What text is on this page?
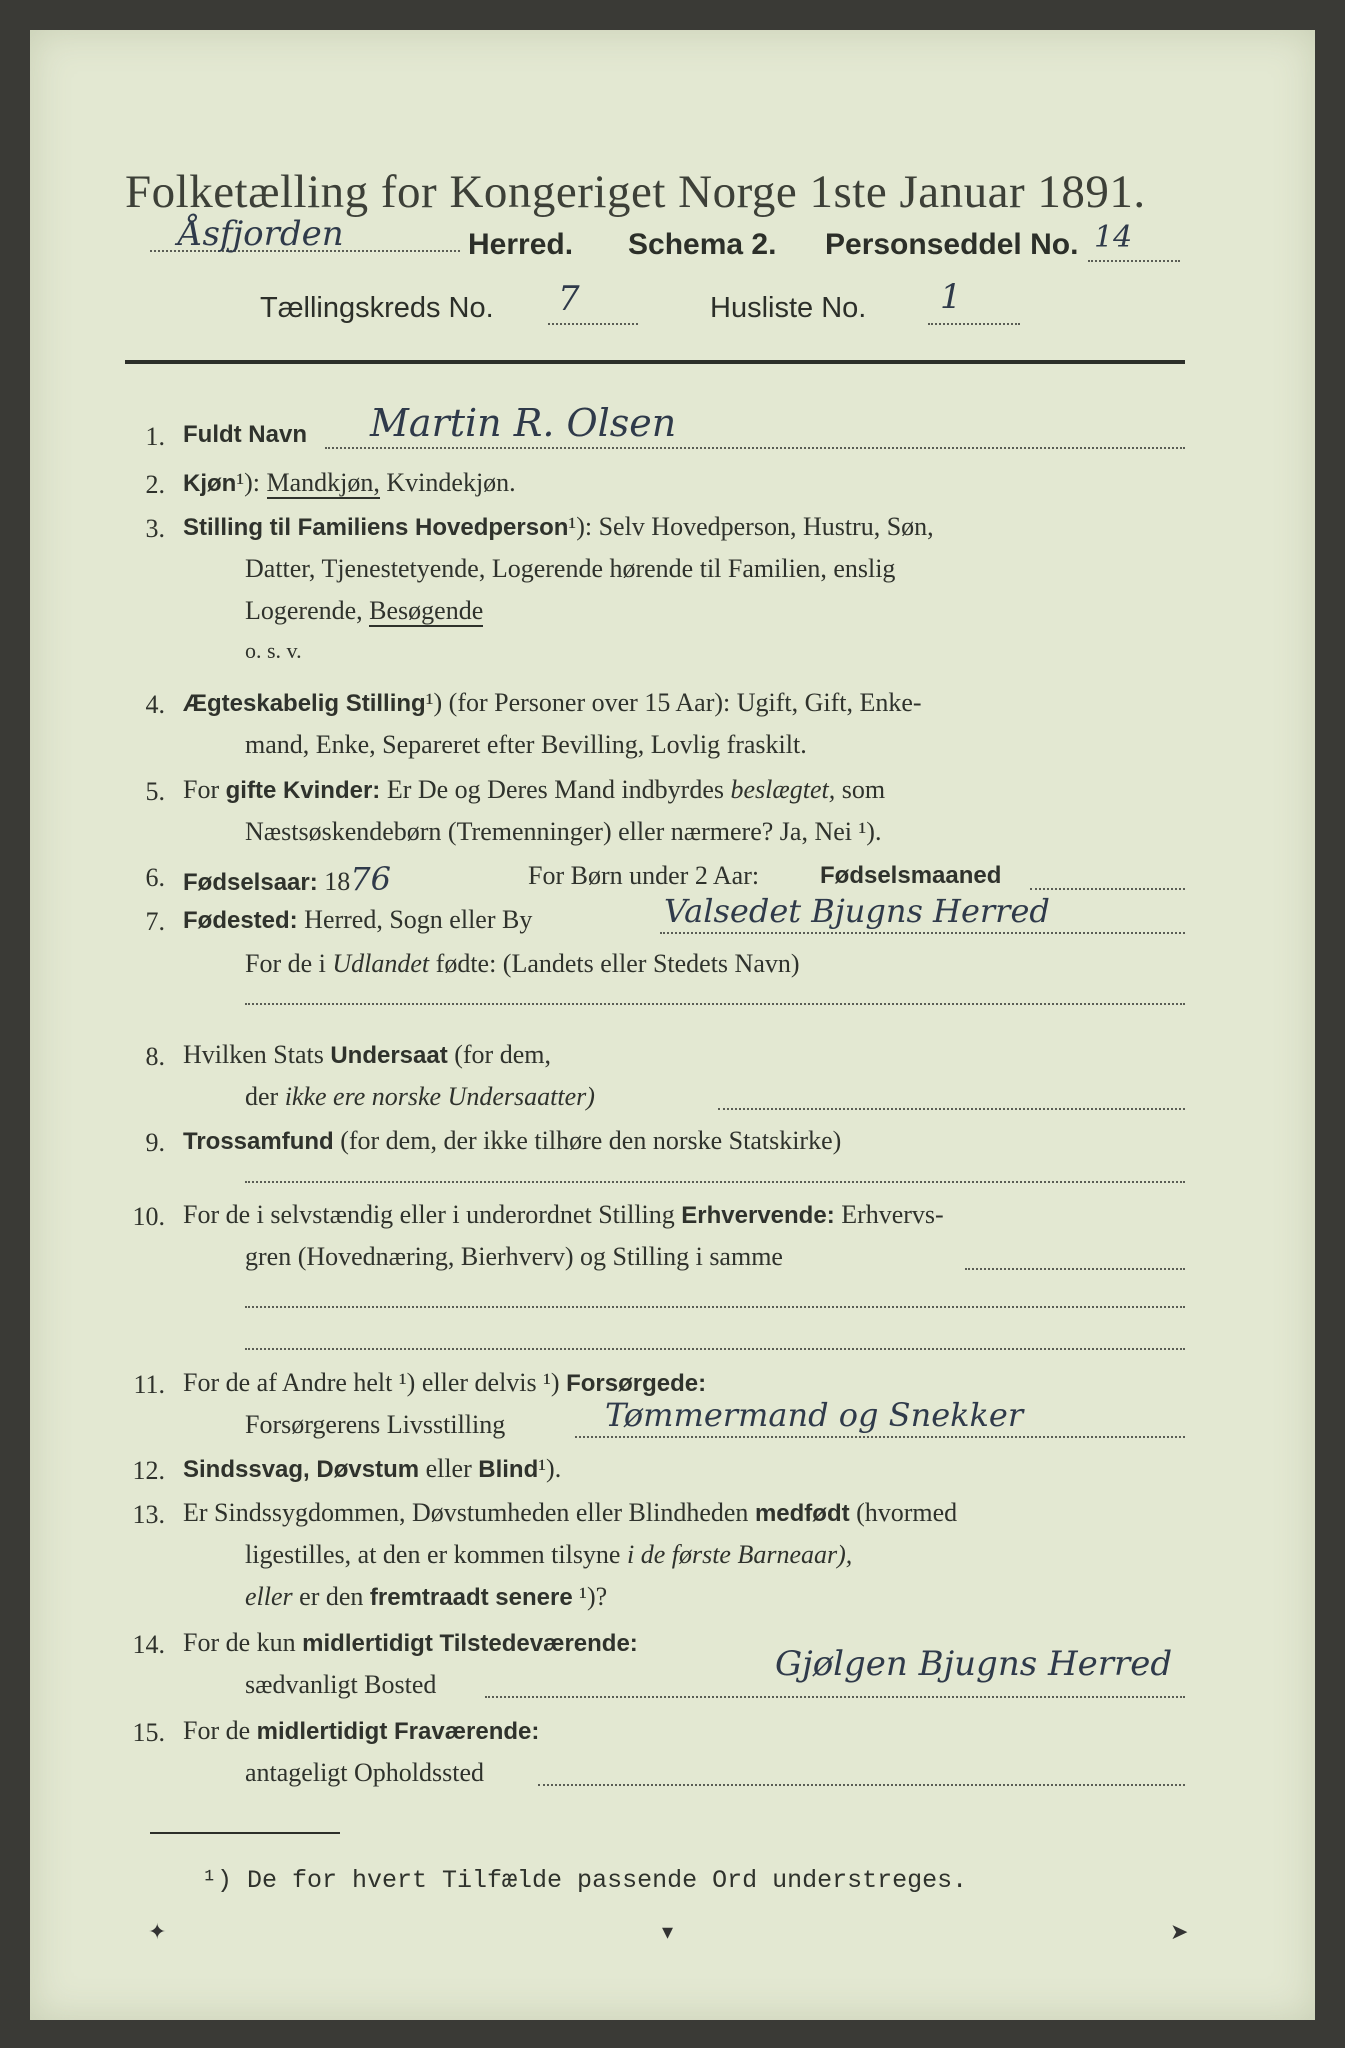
Folketælling for Kongeriget Norge 1ste Januar 1891.
Åsfjorden	Herred. Schema 2. Personseddel No. 14
Tællingskreds No. 7	Husliste No. 1
1. Fuldt Navn Martin R. Olsen
2. Kjøn¹): Mandkjøn, Kvindekjøn.
3. Stilling til Familiens Hovedperson¹): Selv Hovedperson, Hustru, Søn,
Datter, Tjenestetyende, Logerende hørende til Familien, enslig
Logerende, Besøgende
o. s. v.
4. Ægteskabelig Stilling¹) (for Personer over 15 Aar): Ugift, Gift, Enke-
mand, Enke, Separeret efter Bevilling, Lovlig fraskilt.
5. For gifte Kvinder: Er De og Deres Mand indbyrdes beslægtet, som
Næstsøskendebørn (Tremenninger) eller nærmere? Ja, Nei ¹).
6. Fødselsaar: 1876	For Børn under 2 Aar:	Fødselsmaaned
7. Fødested: Herred, Sogn eller By	Valsedet Bjugns Herred
For de i Udlandet fødte: (Landets eller Stedets Navn)
8. Hvilken Stats Undersaat (for dem,
der ikke ere norske Undersaatter)
9. Trossamfund (for dem, der ikke tilhøre den norske Statskirke)
10. For de i selvstændig eller i underordnet Stilling Erhvervende: Erhvervs-
gren (Hovednæring, Bierhverv) og Stilling i samme
11. For de af Andre helt ¹) eller delvis ¹) Forsørgede:
Forsørgerens Livsstilling	Tømmermand og Snekker
12. Sindssvag, Døvstum eller Blind¹).
13. Er Sindssygdommen, Døvstumheden eller Blindheden medfødt (hvormed
ligestilles, at den er kommen tilsyne i de første Barneaar),
eller er den fremtraadt senere ¹)?
14. For de kun midlertidigt Tilstedeværende:
sædvanligt Bosted
Gjølgen Bjugns Herred
15. For de midlertidigt Fraværende:
antageligt Opholdssted
¹) De for hvert Tilfælde passende Ord understreges.
✦	▾	➤
